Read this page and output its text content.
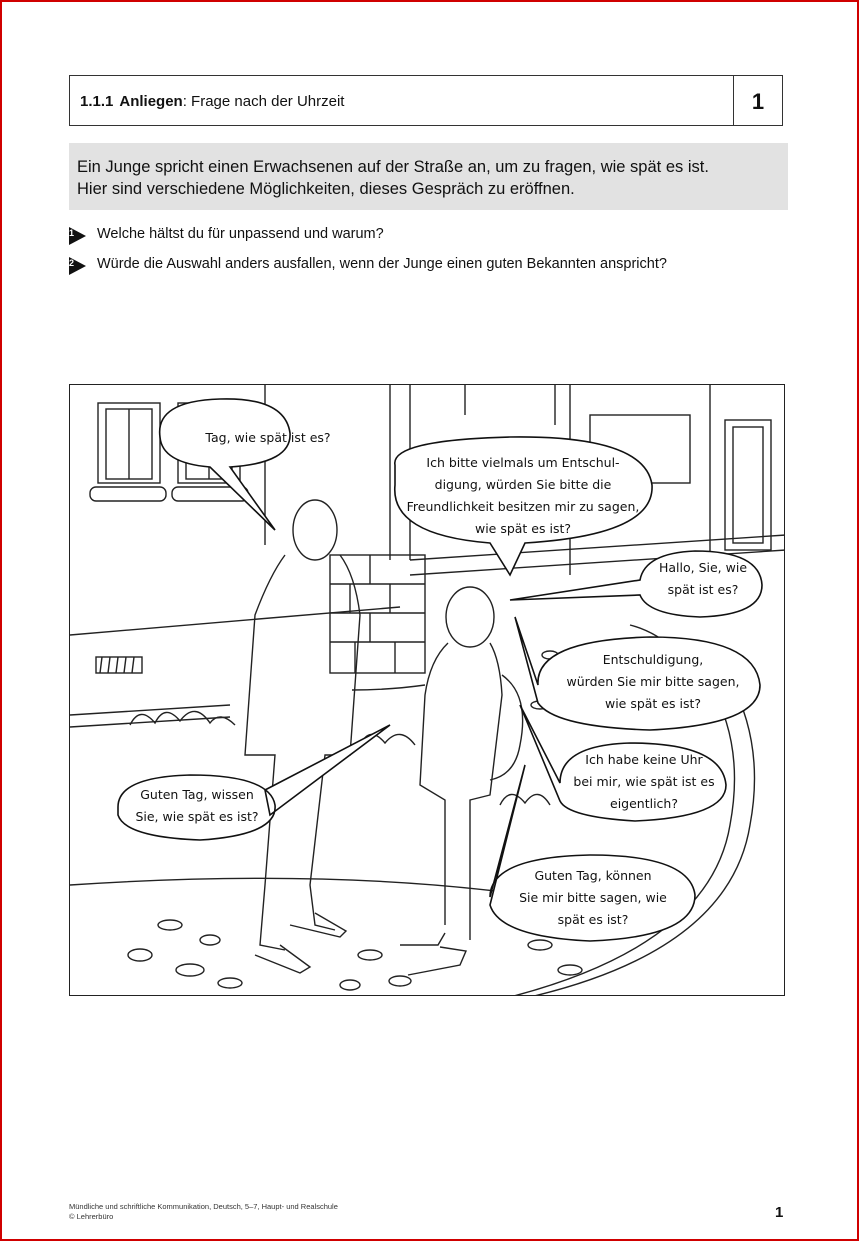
1.1.1 Anliegen: Frage nach der Uhrzeit	1
Ein Junge spricht einen Erwachsenen auf der Straße an, um zu fragen, wie spät es ist.
Hier sind verschiedene Möglichkeiten, dieses Gespräch zu eröffnen.
1 Welche hältst du für unpassend und warum?
2 Würde die Auswahl anders ausfallen, wenn der Junge einen guten Bekannten anspricht?
Tag, wie spät ist es?
Ich bitte vielmals um Entschul-
digung, würden Sie bitte die
Freundlichkeit besitzen mir zu sagen,
wie spät es ist?
Hallo, Sie, wie
spät ist es?
Entschuldigung,
würden Sie mir bitte sagen,
wie spät es ist?
Ich habe keine Uhr
bei mir, wie spät ist es
eigentlich?
Guten Tag, wissen
Sie, wie spät es ist?
Guten Tag, können
Sie mir bitte sagen, wie
spät es ist?
Mündliche und schriftliche Kommunikation, Deutsch, 5–7, Haupt- und Realschule
© Lehrerbüro	1
